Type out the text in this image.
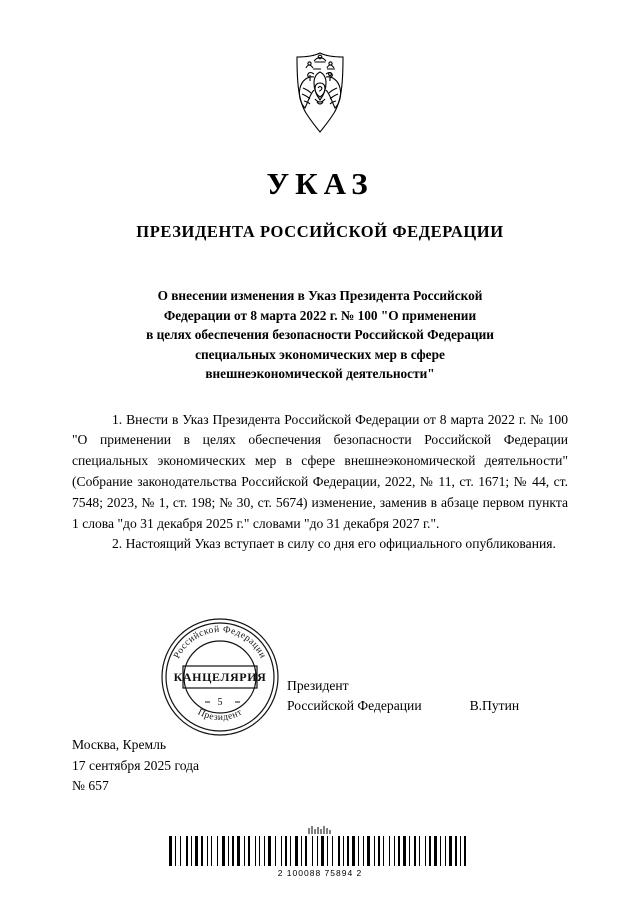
УКАЗ
ПРЕЗИДЕНТА РОССИЙСКОЙ ФЕДЕРАЦИИ
О внесении изменения в Указ Президента Российской
Федерации от 8 марта 2022 г. № 100 "О применении
в целях обеспечения безопасности Российской Федерации
специальных экономических мер в сфере
внешнеэкономической деятельности"

1. Внести в Указ Президента Российской Федерации от 8 марта 2022 г. № 100 "О применении в целях обеспечения безопасности Российской Федерации специальных экономических мер в сфере внешнеэкономической деятельности" (Собрание законодательства Российской Федерации, 2022, № 11, ст. 1671; № 44, ст. 7548; 2023, № 1, ст. 198; № 30, ст. 5674) изменение, заменив в абзаце первом пункта 1 слова "до 31 декабря 2025 г." словами "до 31 декабря 2027 г.".

2. Настоящий Указ вступает в силу со дня его официального опубликования.

Российской Федерации
Президент
КАНЦЕЛЯРИЯ
5
Президент
Российской Федерации	В.Путин
Москва, Кремль
17 сентября 2025 года
№ 657
2 100088 75894 2
